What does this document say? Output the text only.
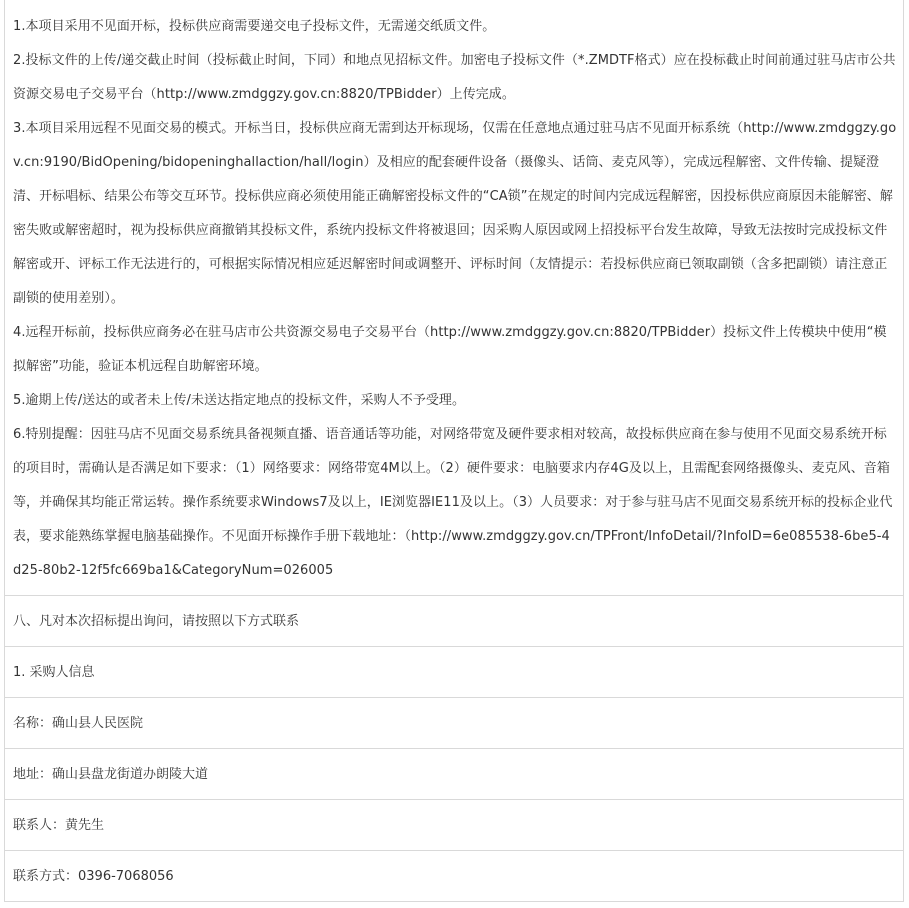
1.本项目采用不见面开标，投标供应商需要递交电子投标文件，无需递交纸质文件。

2.投标文件的上传/递交截止时间（投标截止时间，下同）和地点见招标文件。加密电子投标文件（*.ZMDTF格式）应在投标截止时间前通过驻马店市公共资源交易电子交易平台（http://www.zmdggzy.gov.cn:8820/TPBidder）上传完成。

3.本项目采用远程不见面交易的模式。开标当日，投标供应商无需到达开标现场，仅需在任意地点通过驻马店不见面开标系统（http://www.zmdggzy.gov.cn:9190/BidOpening/bidopeninghallaction/hall/login）及相应的配套硬件设备（摄像头、话筒、麦克风等），完成远程解密、文件传输、提疑澄清、开标唱标、结果公布等交互环节。投标供应商必须使用能正确解密投标文件的“CA锁”在规定的时间内完成远程解密，因投标供应商原因未能解密、解密失败或解密超时，视为投标供应商撤销其投标文件，系统内投标文件将被退回；因采购人原因或网上招投标平台发生故障，导致无法按时完成投标文件解密或开、评标工作无法进行的，可根据实际情况相应延迟解密时间或调整开、评标时间（友情提示：若投标供应商已领取副锁（含多把副锁）请注意正副锁的使用差别）。

4.远程开标前，投标供应商务必在驻马店市公共资源交易电子交易平台（http://www.zmdggzy.gov.cn:8820/TPBidder）投标文件上传模块中使用“模拟解密”功能，验证本机远程自助解密环境。

5.逾期上传/送达的或者未上传/未送达指定地点的投标文件，采购人不予受理。

6.特别提醒：因驻马店不见面交易系统具备视频直播、语音通话等功能，对网络带宽及硬件要求相对较高，故投标供应商在参与使用不见面交易系统开标的项目时，需确认是否满足如下要求：（1）网络要求：网络带宽4M以上。（2）硬件要求：电脑要求内存4G及以上，且需配套网络摄像头、麦克风、音箱等，并确保其均能正常运转。操作系统要求Windows7及以上，IE浏览器IE11及以上。（3）人员要求：对于参与驻马店不见面交易系统开标的投标企业代表，要求能熟练掌握电脑基础操作。不见面开标操作手册下载地址：（http://www.zmdggzy.gov.cn/TPFront/InfoDetail/?InfoID=6e085538-6be5-4d25-80b2-12f5fc669ba1&CategoryNum=026005

八、凡对本次招标提出询问，请按照以下方式联系
1. 采购人信息
名称：确山县人民医院
地址：确山县盘龙街道办朗陵大道
联系人：黄先生
联系方式：0396-7068056
